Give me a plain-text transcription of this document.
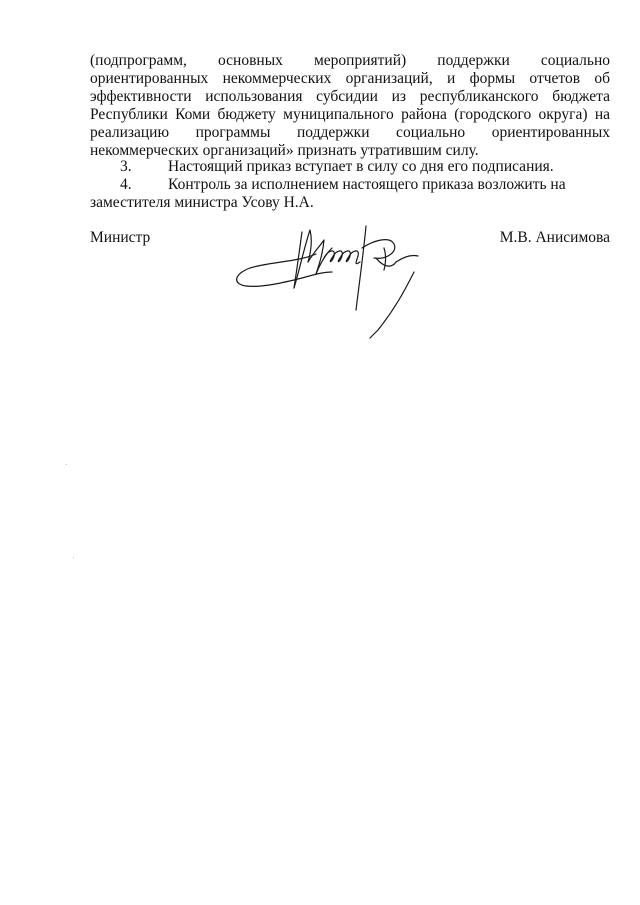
(подпрограмм, основных мероприятий) поддержки социально
ориентированных некоммерческих организаций, и формы отчетов об
эффективности использования субсидии из республиканского бюджета
Республики Коми бюджету муниципального района (городского округа) на
реализацию программы поддержки социально ориентированных
некоммерческих организаций» признать утратившим силу.
3. Настоящий приказ вступает в силу со дня его подписания.
4. Контроль за исполнением настоящего приказа возложить на
заместителя министра Усову Н.А.
Министр	М.В. Анисимова
